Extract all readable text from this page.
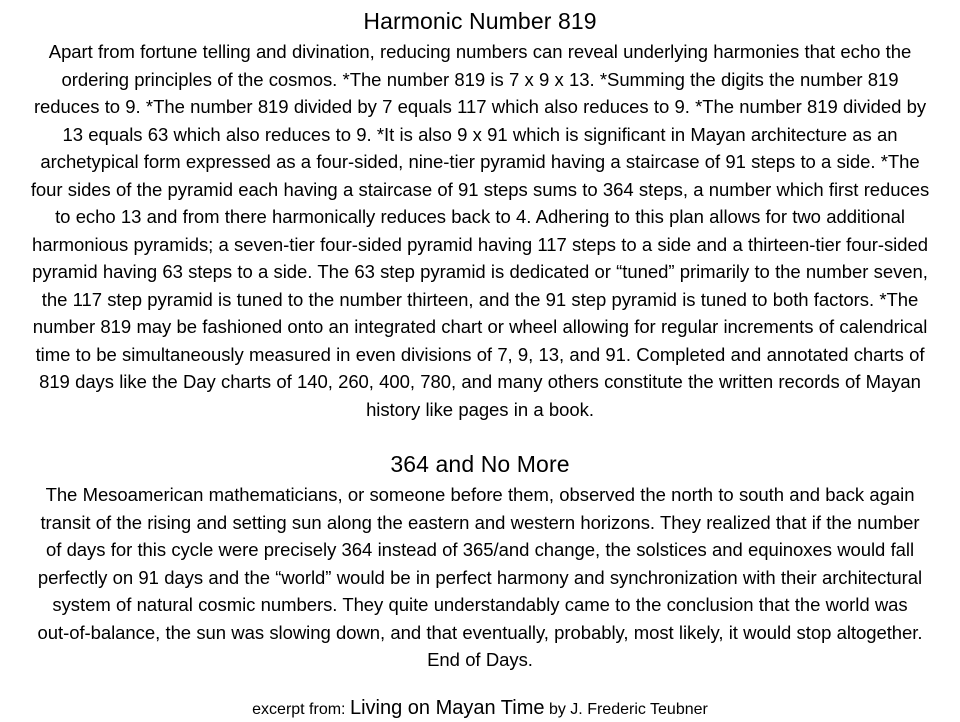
Harmonic Number 819

Apart from fortune telling and divination, reducing numbers can reveal underlying harmonies that echo the ordering principles of the cosmos. *The number 819 is 7 x 9 x 13. *Summing the digits the number 819 reduces to 9. *The number 819 divided by 7 equals 117 which also reduces to 9. *The number 819 divided by 13 equals 63 which also reduces to 9. *It is also 9 x 91 which is significant in Mayan architecture as an archetypical form expressed as a four-sided, nine-tier pyramid having a staircase of 91 steps to a side. *The four sides of the pyramid each having a staircase of 91 steps sums to 364 steps, a number which first reduces to echo 13 and from there harmonically reduces back to 4. Adhering to this plan allows for two additional harmonious pyramids; a seven-tier four-sided pyramid having 117 steps to a side and a thirteen-tier four-sided pyramid having 63 steps to a side. The 63 step pyramid is dedicated or “tuned” primarily to the number seven, the 117 step pyramid is tuned to the number thirteen, and the 91 step pyramid is tuned to both factors. *The number 819 may be fashioned onto an integrated chart or wheel allowing for regular increments of calendrical time to be simultaneously measured in even divisions of 7, 9, 13, and 91. Completed and annotated charts of 819 days like the Day charts of 140, 260, 400, 780, and many others constitute the written records of Mayan history like pages in a book.

364 and No More

The Mesoamerican mathematicians, or someone before them, observed the north to south and back again transit of the rising and setting sun along the eastern and western horizons. They realized that if the number of days for this cycle were precisely 364 instead of 365/and change, the solstices and equinoxes would fall perfectly on 91 days and the “world” would be in perfect harmony and synchronization with their architectural system of natural cosmic numbers. They quite understandably came to the conclusion that the world was out-of-balance, the sun was slowing down, and that eventually, probably, most likely, it would stop altogether. End of Days.

excerpt from: Living on Mayan Time by J. Frederic Teubner
